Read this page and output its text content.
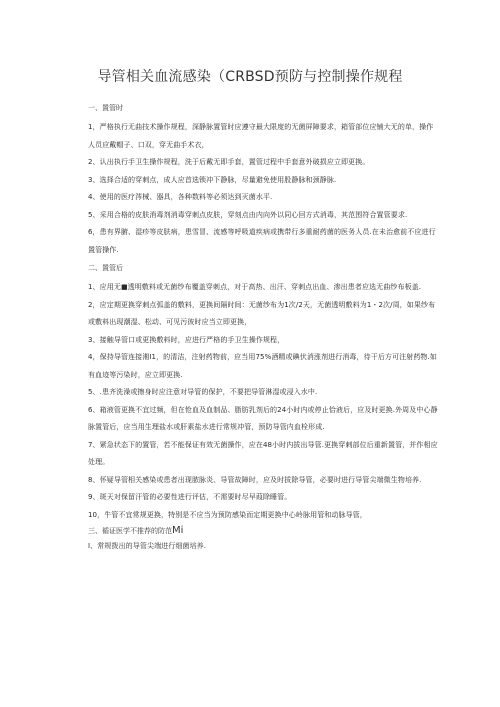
导管相关血流感染（CRBSD预防与控制操作规程
一、置管时

1，严格执行无曲技术操作规程，深静脉置管时应遵守最大限度的无菌屏障要求，箱管部位应铺大无的单，操作人员应戴帽子、口双，穿无曲手术衣，

2、认出执行手卫生操作规程，洗于后戴无即手套，置管过程中手套意外破损应立即更换。

3、选择合适的穿刺点，成人应首选锁冲下静脉，尽量避免使用股静脉和颈静脉.

4、使用的医疗涔械、器具，各种数料等必须达到灭菌水平.

5、采用合格的皮肤消毒剂消毒穿刺点皮肤，穿刻点由内向外以同心回方式消毒，其范围符合置管要求.

6，患有界腑、湿疹等皮肤病，患雪冒、流感等呼吸道疾病或携带行多重耐药菌的医务人员.在未治愈前不应进行置管操作.

二、置管后

1、应用无■透明敷料或无菌纱布覆盖穿刺点，对于高热、出汗、穿刺点出血、渗出患者应选无曲纱布板盖.

2，应定期更换穿刺点弧盖的敷料，更换间隔时间：无菌纱布为1次/2天，无菌透明敷料为1・2次/周，如果纱布或敷料出现潮湿、松动、可见污彼时应当立即更换，

3、接触导管口或更换敷料时，应进行严格的手卫生操作规程，

4，保持导管连接湘I1，的清洁，注射药物前，应当用75%酒精或碘伏消涨剂进行消毒，待干后方可注射药物.如有血迹等污染时，应立即更换.

5、.患齐洗澡或擦身时应注意对导管的保护，不要把导管淋湿或浸入水中.

6、箱液管更换不宜过频，但在怆血及血制品、脂肪乳剂后的24小时内或停止恰液后，应及时更换.外周及中心静脉置管后，应当用生理盐水或肝素盐水进行常规冲管，预防导管内血栓形成.

7、紧急状态下的置管，若不能保证有效无菌操作，应在48小时内拔出导管.更换穿刺部位后重新置管，并作相应处理。

8、怀疑导管相关感染或患者出现脓脉炎、导管故障时，应及时拔除导管，必要时进行导管尖端微生物培养.

9、斑天对保留汗管的必要性进行评估，不需要时尽早葭除睡管。

10，牛管不宜常规更换，特别是不应当为预防感染而定期更换中心岭脉用管和动脉导管，

三、循证医学不推荐的防范Mi

I、常规拨出的导管尖端进行细菌培养.
